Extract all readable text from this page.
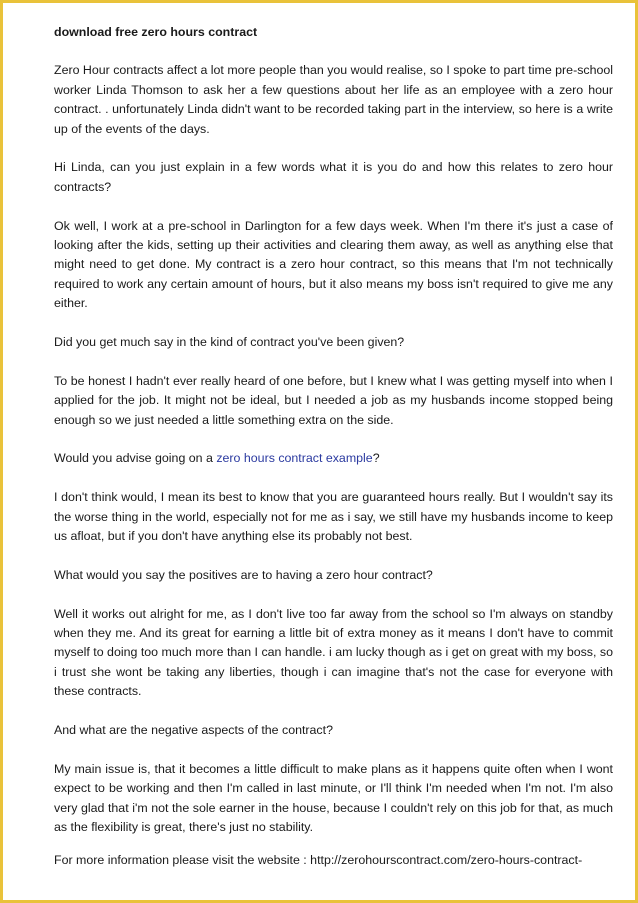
download free zero hours contract

Zero Hour contracts affect a lot more people than you would realise, so I spoke to part time pre-school worker Linda Thomson to ask her a few questions about her life as an employee with a zero hour contract. . unfortunately Linda didn't want to be recorded taking part in the interview, so here is a write up of the events of the days.

Hi Linda, can you just explain in a few words what it is you do and how this relates to zero hour contracts?

Ok well, I work at a pre-school in Darlington for a few days week. When I'm there it's just a case of looking after the kids, setting up their activities and clearing them away, as well as anything else that might need to get done. My contract is a zero hour contract, so this means that I'm not technically required to work any certain amount of hours, but it also means my boss isn't required to give me any either.

Did you get much say in the kind of contract you've been given?

To be honest I hadn't ever really heard of one before, but I knew what I was getting myself into when I applied for the job. It might not be ideal, but I needed a job as my husbands income stopped being enough so we just needed a little something extra on the side.

Would you advise going on a zero hours contract example?

I don't think would, I mean its best to know that you are guaranteed hours really. But I wouldn't say its the worse thing in the world, especially not for me as i say, we still have my husbands income to keep us afloat, but if you don't have anything else its probably not best.

What would you say the positives are to having a zero hour contract?

Well it works out alright for me, as I don't live too far away from the school so I'm always on standby when they me. And its great for earning a little bit of extra money as it means I don't have to commit myself to doing too much more than I can handle. i am lucky though as i get on great with my boss, so i trust she wont be taking any liberties, though i can imagine that's not the case for everyone with these contracts.

And what are the negative aspects of the contract?

My main issue is, that it becomes a little difficult to make plans as it happens quite often when I wont expect to be working and then I'm called in last minute, or I'll think I'm needed when I'm not. I'm also very glad that i'm not the sole earner in the house, because I couldn't rely on this job for that, as much as the flexibility is great, there's just no stability.

For more information please visit the website : http://zerohourscontract.com/zero-hours-contract-
